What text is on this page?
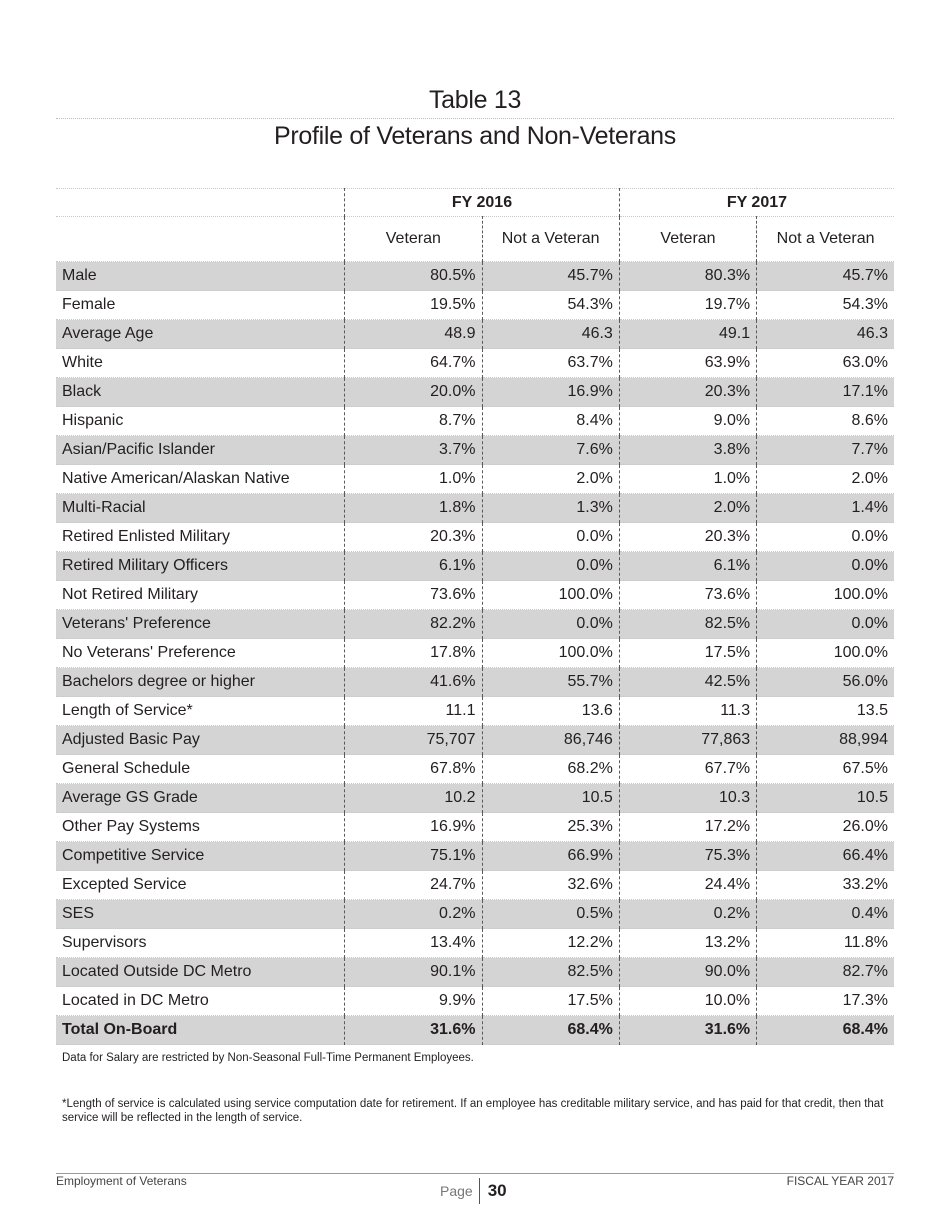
Table 13
Profile of Veterans and Non-Veterans
	FY 2016		FY 2017	
	Veteran	Not a Veteran	Veteran	Not a Veteran
Male	80.5%	45.7%	80.3%	45.7%
Female	19.5%	54.3%	19.7%	54.3%
Average Age	48.9	46.3	49.1	46.3
White	64.7%	63.7%	63.9%	63.0%
Black	20.0%	16.9%	20.3%	17.1%
Hispanic	8.7%	8.4%	9.0%	8.6%
Asian/Pacific Islander	3.7%	7.6%	3.8%	7.7%
Native American/Alaskan Native	1.0%	2.0%	1.0%	2.0%
Multi-Racial	1.8%	1.3%	2.0%	1.4%
Retired Enlisted Military	20.3%	0.0%	20.3%	0.0%
Retired Military Officers	6.1%	0.0%	6.1%	0.0%
Not Retired Military	73.6%	100.0%	73.6%	100.0%
Veterans' Preference	82.2%	0.0%	82.5%	0.0%
No Veterans' Preference	17.8%	100.0%	17.5%	100.0%
Bachelors degree or higher	41.6%	55.7%	42.5%	56.0%
Length of Service*	11.1	13.6	11.3	13.5
Adjusted Basic Pay	75,707	86,746	77,863	88,994
General Schedule	67.8%	68.2%	67.7%	67.5%
Average GS Grade	10.2	10.5	10.3	10.5
Other Pay Systems	16.9%	25.3%	17.2%	26.0%
Competitive Service	75.1%	66.9%	75.3%	66.4%
Excepted Service	24.7%	32.6%	24.4%	33.2%
SES	0.2%	0.5%	0.2%	0.4%
Supervisors	13.4%	12.2%	13.2%	11.8%
Located Outside DC Metro	90.1%	82.5%	90.0%	82.7%
Located in DC Metro	9.9%	17.5%	10.0%	17.3%
Total On-Board	31.6%	68.4%	31.6%	68.4%
Data for Salary are restricted by Non-Seasonal Full-Time Permanent Employees.
*Length of service is calculated using service computation date for retirement. If an employee has creditable military service, and has paid for that credit, then that service will be reflected in the length of service.
Employment of Veterans
Page 30	FISCAL YEAR 2017
